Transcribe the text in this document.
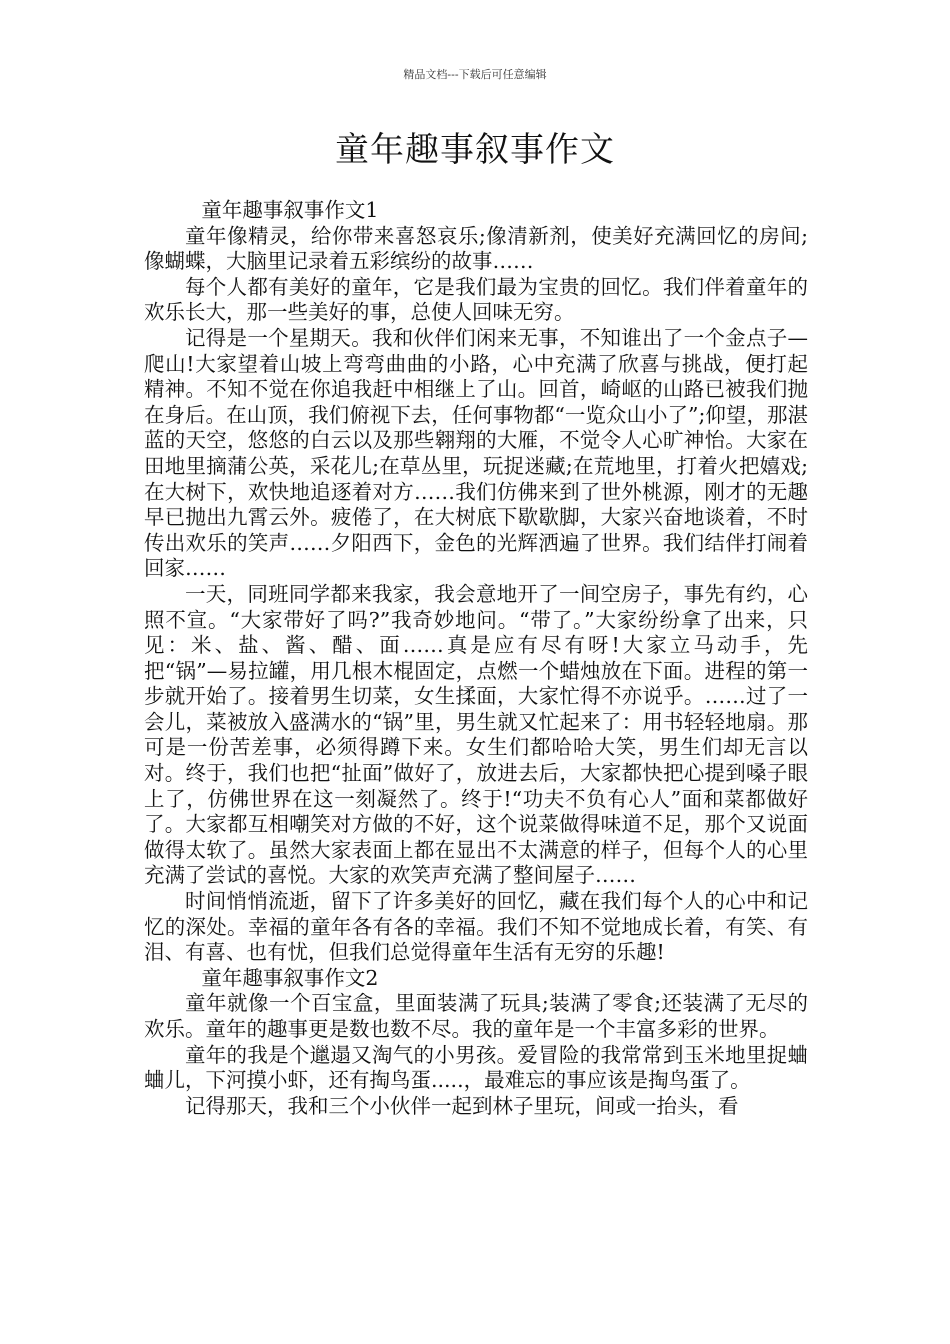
精品文档---下载后可任意编辑
童年趣事叙事作文
童年趣事叙事作文1

童年像精灵，给你带来喜怒哀乐;像清新剂，使美好充满回忆的房间;像蝴蝶，大脑里记录着五彩缤纷的故事……

每个人都有美好的童年，它是我们最为宝贵的回忆。我们伴着童年的欢乐长大，那一些美好的事，总使人回味无穷。

记得是一个星期天。我和伙伴们闲来无事，不知谁出了一个金点子—爬山!大家望着山坡上弯弯曲曲的小路，心中充满了欣喜与挑战，便打起精神。不知不觉在你追我赶中相继上了山。回首，崎岖的山路已被我们抛在身后。在山顶，我们俯视下去，任何事物都“一览众山小了”;仰望，那湛蓝的天空，悠悠的白云以及那些翱翔的大雁，不觉令人心旷神怡。大家在田地里摘蒲公英，采花儿;在草丛里，玩捉迷藏;在荒地里，打着火把嬉戏;在大树下，欢快地追逐着对方……我们仿佛来到了世外桃源，刚才的无趣早已抛出九霄云外。疲倦了，在大树底下歇歇脚，大家兴奋地谈着，不时传出欢乐的笑声……夕阳西下，金色的光辉洒遍了世界。我们结伴打闹着回家……

一天，同班同学都来我家，我会意地开了一间空房子，事先有约，心照不宣。“大家带好了吗?”我奇妙地问。“带了。”大家纷纷拿了出来，只见：米、盐、酱、醋、面……真是应有尽有呀!大家立马动手，先把“锅”—易拉罐，用几根木棍固定，点燃一个蜡烛放在下面。进程的第一步就开始了。接着男生切菜，女生揉面，大家忙得不亦说乎。……过了一会儿，菜被放入盛满水的“锅”里，男生就又忙起来了：用书轻轻地扇。那可是一份苦差事，必须得蹲下来。女生们都哈哈大笑，男生们却无言以对。终于，我们也把“扯面”做好了，放进去后，大家都快把心提到嗓子眼上了，仿佛世界在这一刻凝然了。终于!“功夫不负有心人”面和菜都做好了。大家都互相嘲笑对方做的不好，这个说菜做得味道不足，那个又说面做得太软了。虽然大家表面上都在显出不太满意的样子，但每个人的心里充满了尝试的喜悦。大家的欢笑声充满了整间屋子……

时间悄悄流逝，留下了许多美好的回忆，藏在我们每个人的心中和记忆的深处。幸福的童年各有各的幸福。我们不知不觉地成长着，有笑、有泪、有喜、也有忧，但我们总觉得童年生活有无穷的乐趣!

童年趣事叙事作文2

童年就像一个百宝盒，里面装满了玩具;装满了零食;还装满了无尽的欢乐。童年的趣事更是数也数不尽。我的童年是一个丰富多彩的世界。

童年的我是个邋遢又淘气的小男孩。爱冒险的我常常到玉米地里捉蛐蛐儿，下河摸小虾，还有掏鸟蛋.....，最难忘的事应该是掏鸟蛋了。

记得那天，我和三个小伙伴一起到林子里玩，间或一抬头，看
